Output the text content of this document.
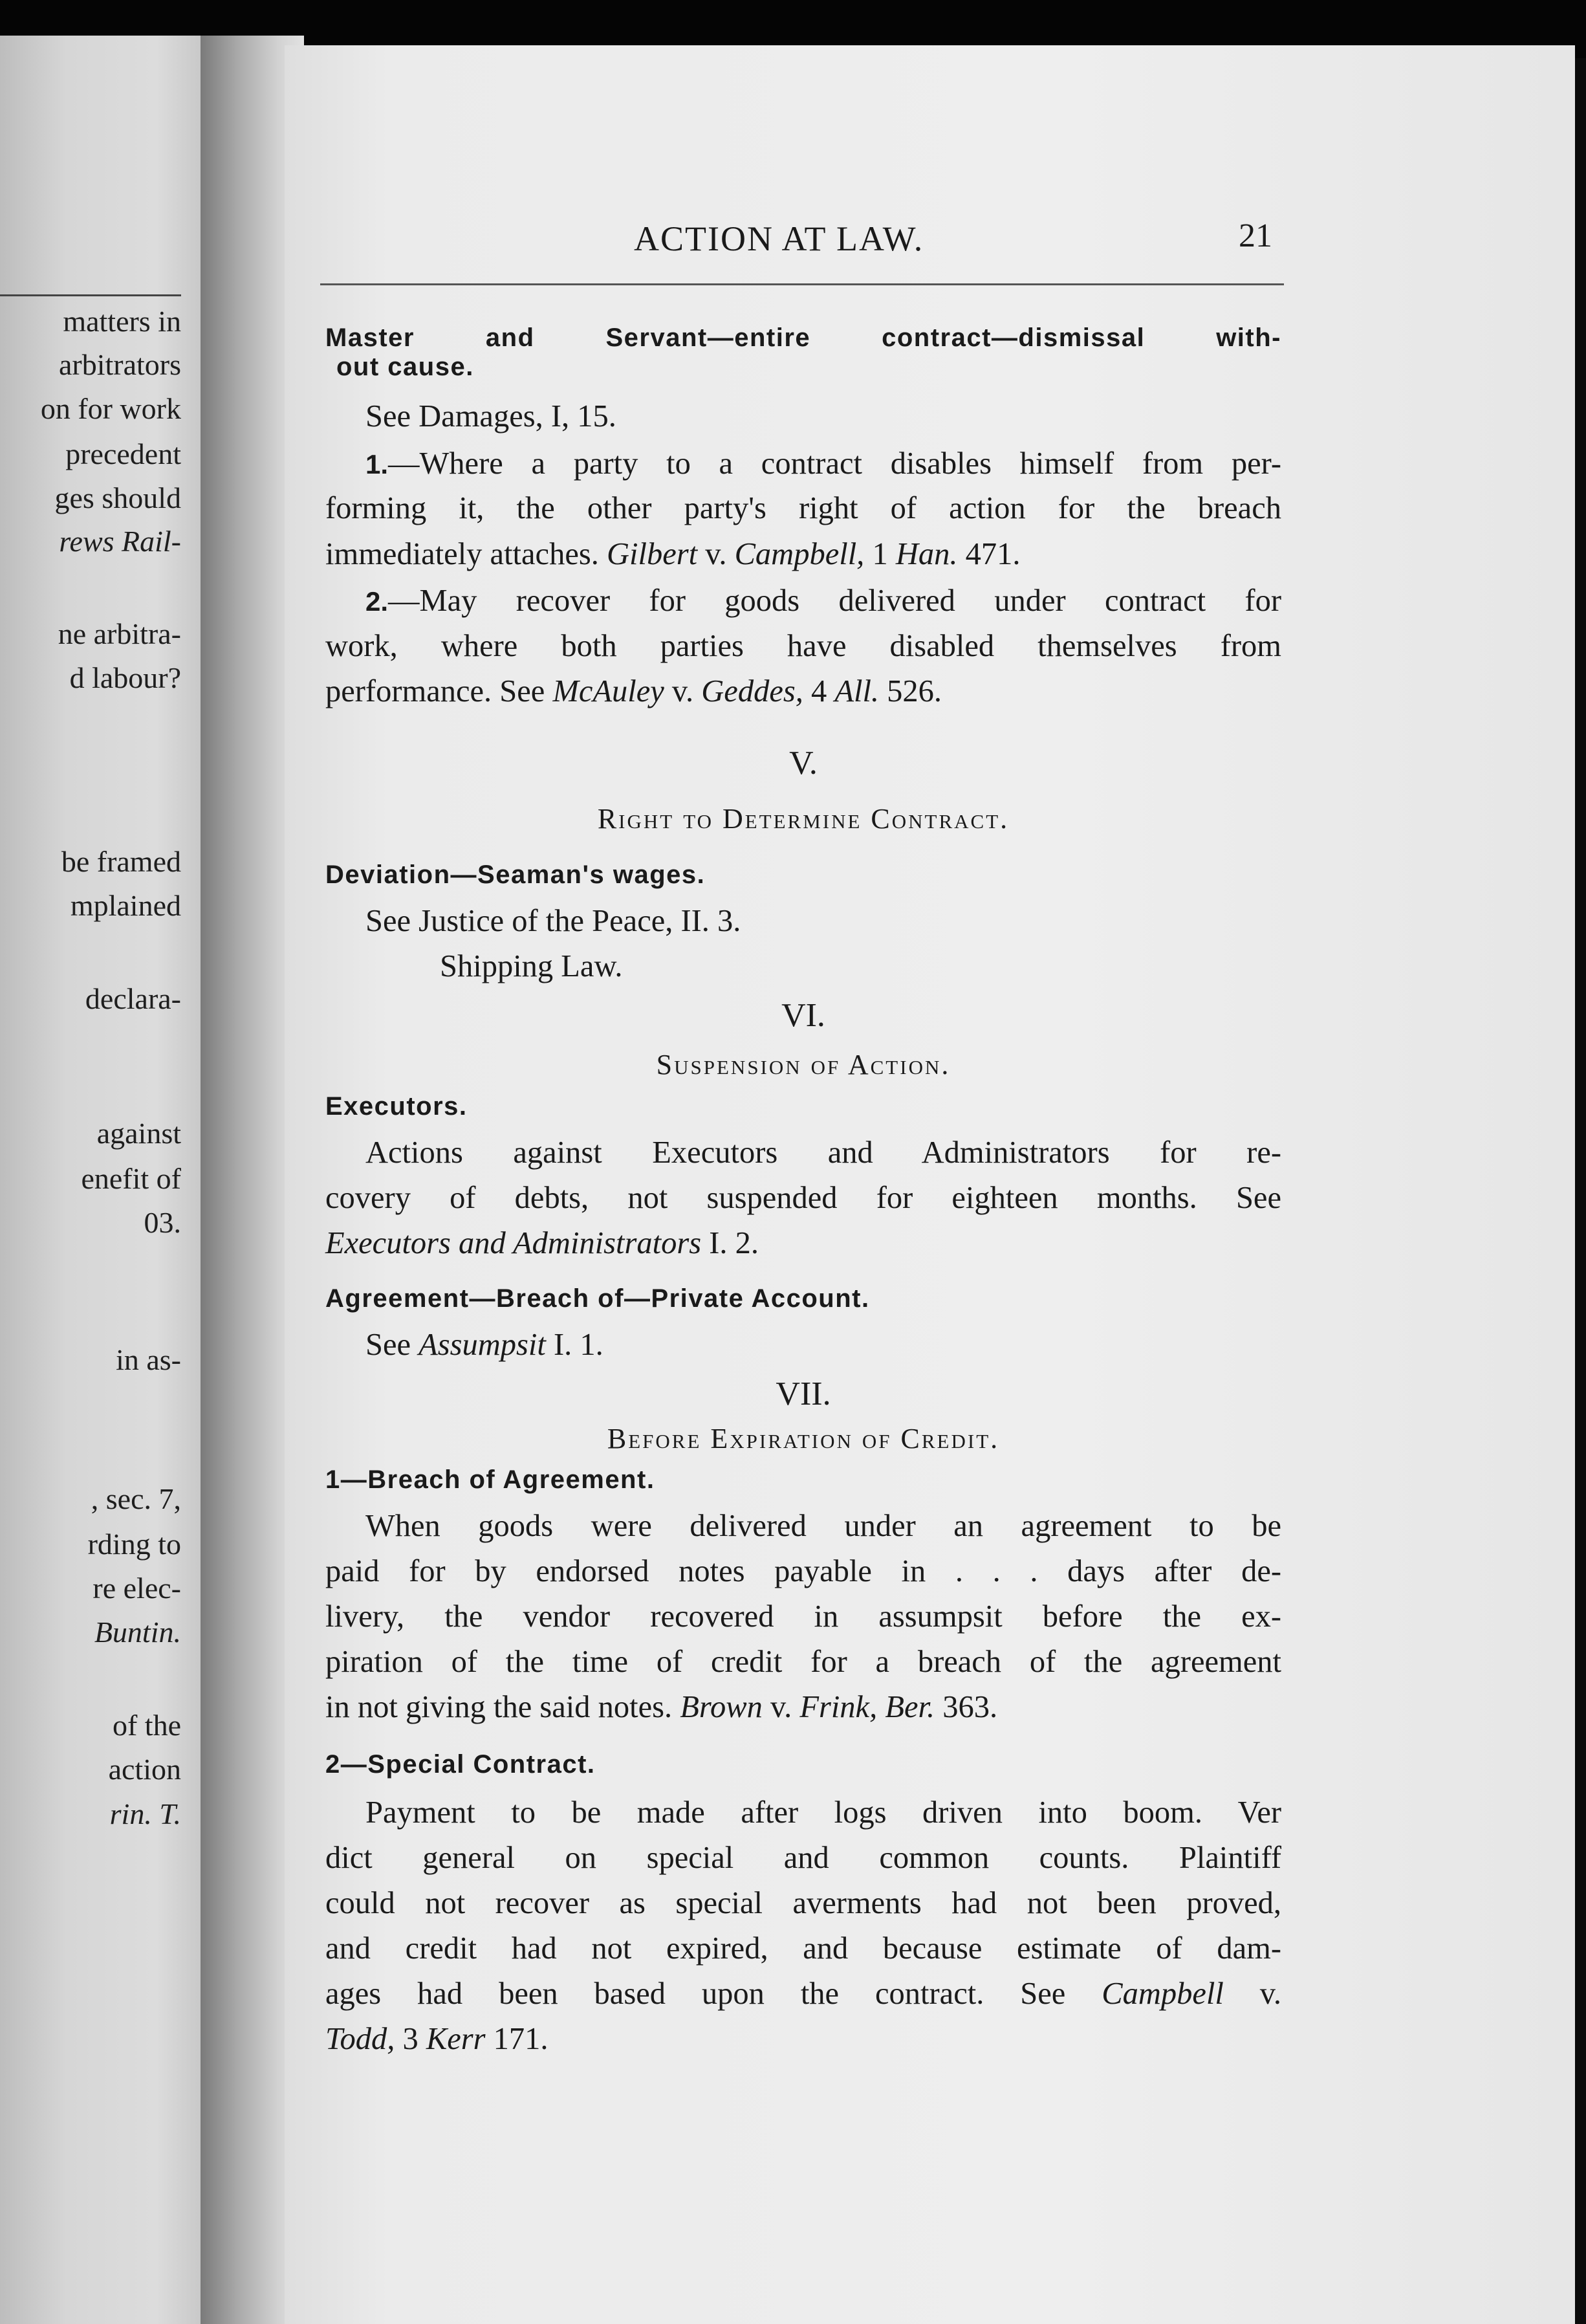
matters in
arbitrators
on for work
precedent
ges should
rews Rail-
ne arbitra-
d labour?
be framed
mplained
declara-
against
enefit of
03.
in as-
, sec. 7,
rding to
re elec-
Buntin.
of the
action
rin. T.
ACTION AT LAW.	21
Master and Servant—entire contract—dismissal with-
out cause.
See Damages, I, 15.
1.—Where a party to a contract disables himself from per-
forming it, the other party's right of action for the breach
immediately attaches. Gilbert v. Campbell, 1 Han. 471.
2.—May recover for goods delivered under contract for
work, where both parties have disabled themselves from
performance. See McAuley v. Geddes, 4 All. 526.
V.
Right to Determine Contract.
Deviation—Seaman's wages.
See Justice of the Peace, II. 3.
Shipping Law.
VI.
Suspension of Action.
Executors.
Actions against Executors and Administrators for re-
covery of debts, not suspended for eighteen months. See
Executors and Administrators I. 2.
Agreement—Breach of—Private Account.
See Assumpsit I. 1.
VII.
Before Expiration of Credit.
1—Breach of Agreement.
When goods were delivered under an agreement to be
paid for by endorsed notes payable in . . . days after de-
livery, the vendor recovered in assumpsit before the ex-
piration of the time of credit for a breach of the agreement
in not giving the said notes. Brown v. Frink, Ber. 363.
2—Special Contract.
Payment to be made after logs driven into boom. Ver
dict general on special and common counts. Plaintiff
could not recover as special averments had not been proved,
and credit had not expired, and because estimate of dam-
ages had been based upon the contract. See Campbell v.
Todd, 3 Kerr 171.
